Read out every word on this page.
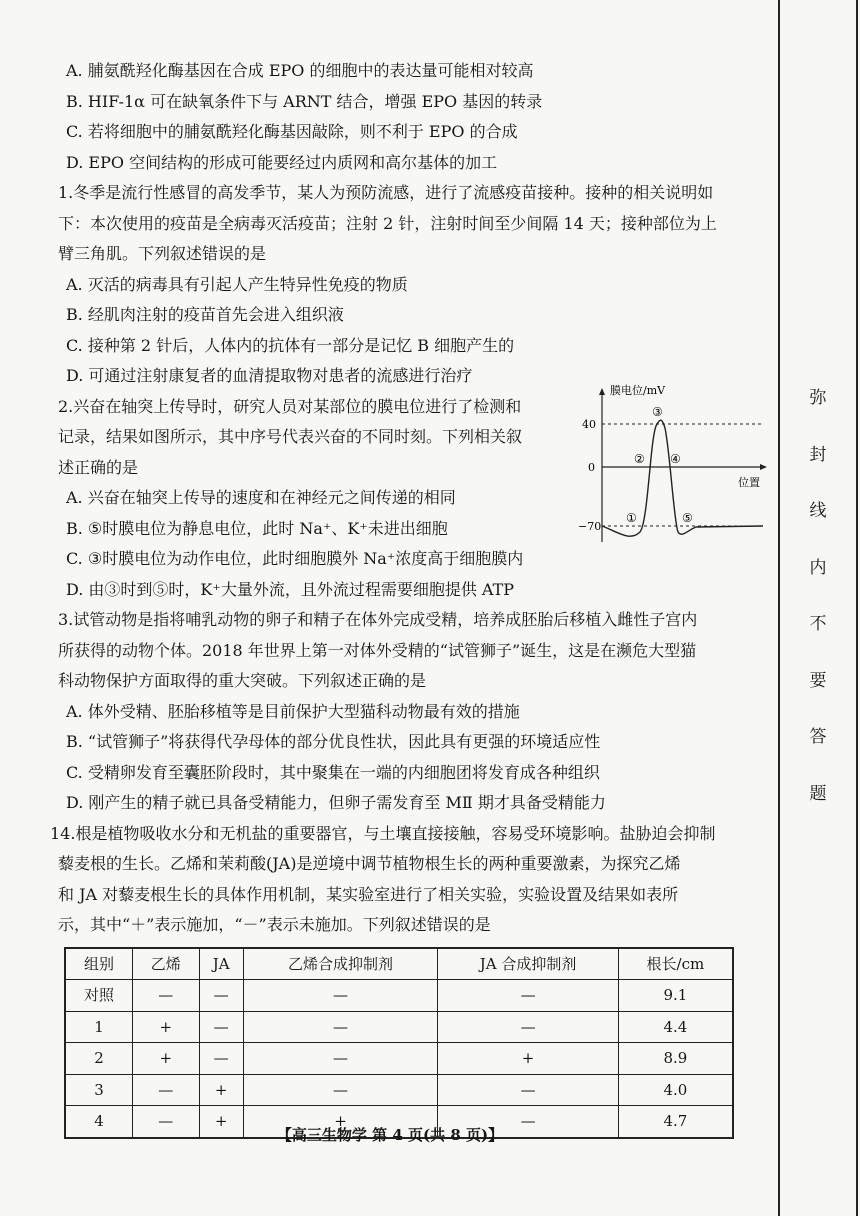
A. 脯氨酰羟化酶基因在合成 EPO 的细胞中的表达量可能相对较高
B. HIF-1α 可在缺氧条件下与 ARNT 结合，增强 EPO 基因的转录
C. 若将细胞中的脯氨酰羟化酶基因敲除，则不利于 EPO 的合成
D. EPO 空间结构的形成可能要经过内质网和高尔基体的加工
1.冬季是流行性感冒的高发季节，某人为预防流感，进行了流感疫苗接种。接种的相关说明如
下：本次使用的疫苗是全病毒灭活疫苗；注射 2 针，注射时间至少间隔 14 天；接种部位为上
臂三角肌。下列叙述错误的是
A. 灭活的病毒具有引起人产生特异性免疫的物质
B. 经肌肉注射的疫苗首先会进入组织液
C. 接种第 2 针后，人体内的抗体有一部分是记忆 B 细胞产生的
D. 可通过注射康复者的血清提取物对患者的流感进行治疗
2.兴奋在轴突上传导时，研究人员对某部位的膜电位进行了检测和
记录，结果如图所示，其中序号代表兴奋的不同时刻。下列相关叙
述正确的是
A. 兴奋在轴突上传导的速度和在神经元之间传递的相同
B. ⑤时膜电位为静息电位，此时 Na⁺、K⁺未进出细胞
C. ③时膜电位为动作电位，此时细胞膜外 Na⁺浓度高于细胞膜内
D. 由③时到⑤时，K⁺大量外流，且外流过程需要细胞提供 ATP
膜电位/mV
位置
40
0
−70
①
②
③
④
⑤
3.试管动物是指将哺乳动物的卵子和精子在体外完成受精，培养成胚胎后移植入雌性子宫内
所获得的动物个体。2018 年世界上第一对体外受精的“试管狮子”诞生，这是在濒危大型猫
科动物保护方面取得的重大突破。下列叙述正确的是
A. 体外受精、胚胎移植等是目前保护大型猫科动物最有效的措施
B. “试管狮子”将获得代孕母体的部分优良性状，因此具有更强的环境适应性
C. 受精卵发育至囊胚阶段时，其中聚集在一端的内细胞团将发育成各种组织
D. 刚产生的精子就已具备受精能力，但卵子需发育至 MⅡ 期才具备受精能力
14.根是植物吸收水分和无机盐的重要器官，与土壤直接接触，容易受环境影响。盐胁迫会抑制
藜麦根的生长。乙烯和茉莉酸(JA)是逆境中调节植物根生长的两种重要激素，为探究乙烯
和 JA 对藜麦根生长的具体作用机制，某实验室进行了相关实验，实验设置及结果如表所
示，其中“＋”表示施加，“－”表示未施加。下列叙述错误的是
组别	乙烯	JA	乙烯合成抑制剂	JA 合成抑制剂	根长/cm
对照	—	—	—	—	9.1
1	+	—	—	—	4.4
2	+	—	—	+	8.9
3	—	+	—	—	4.0
4	—	+	+	—	4.7
【高三生物学 第 4 页(共 8 页)】
弥
封
线
内
不
要
答
题
